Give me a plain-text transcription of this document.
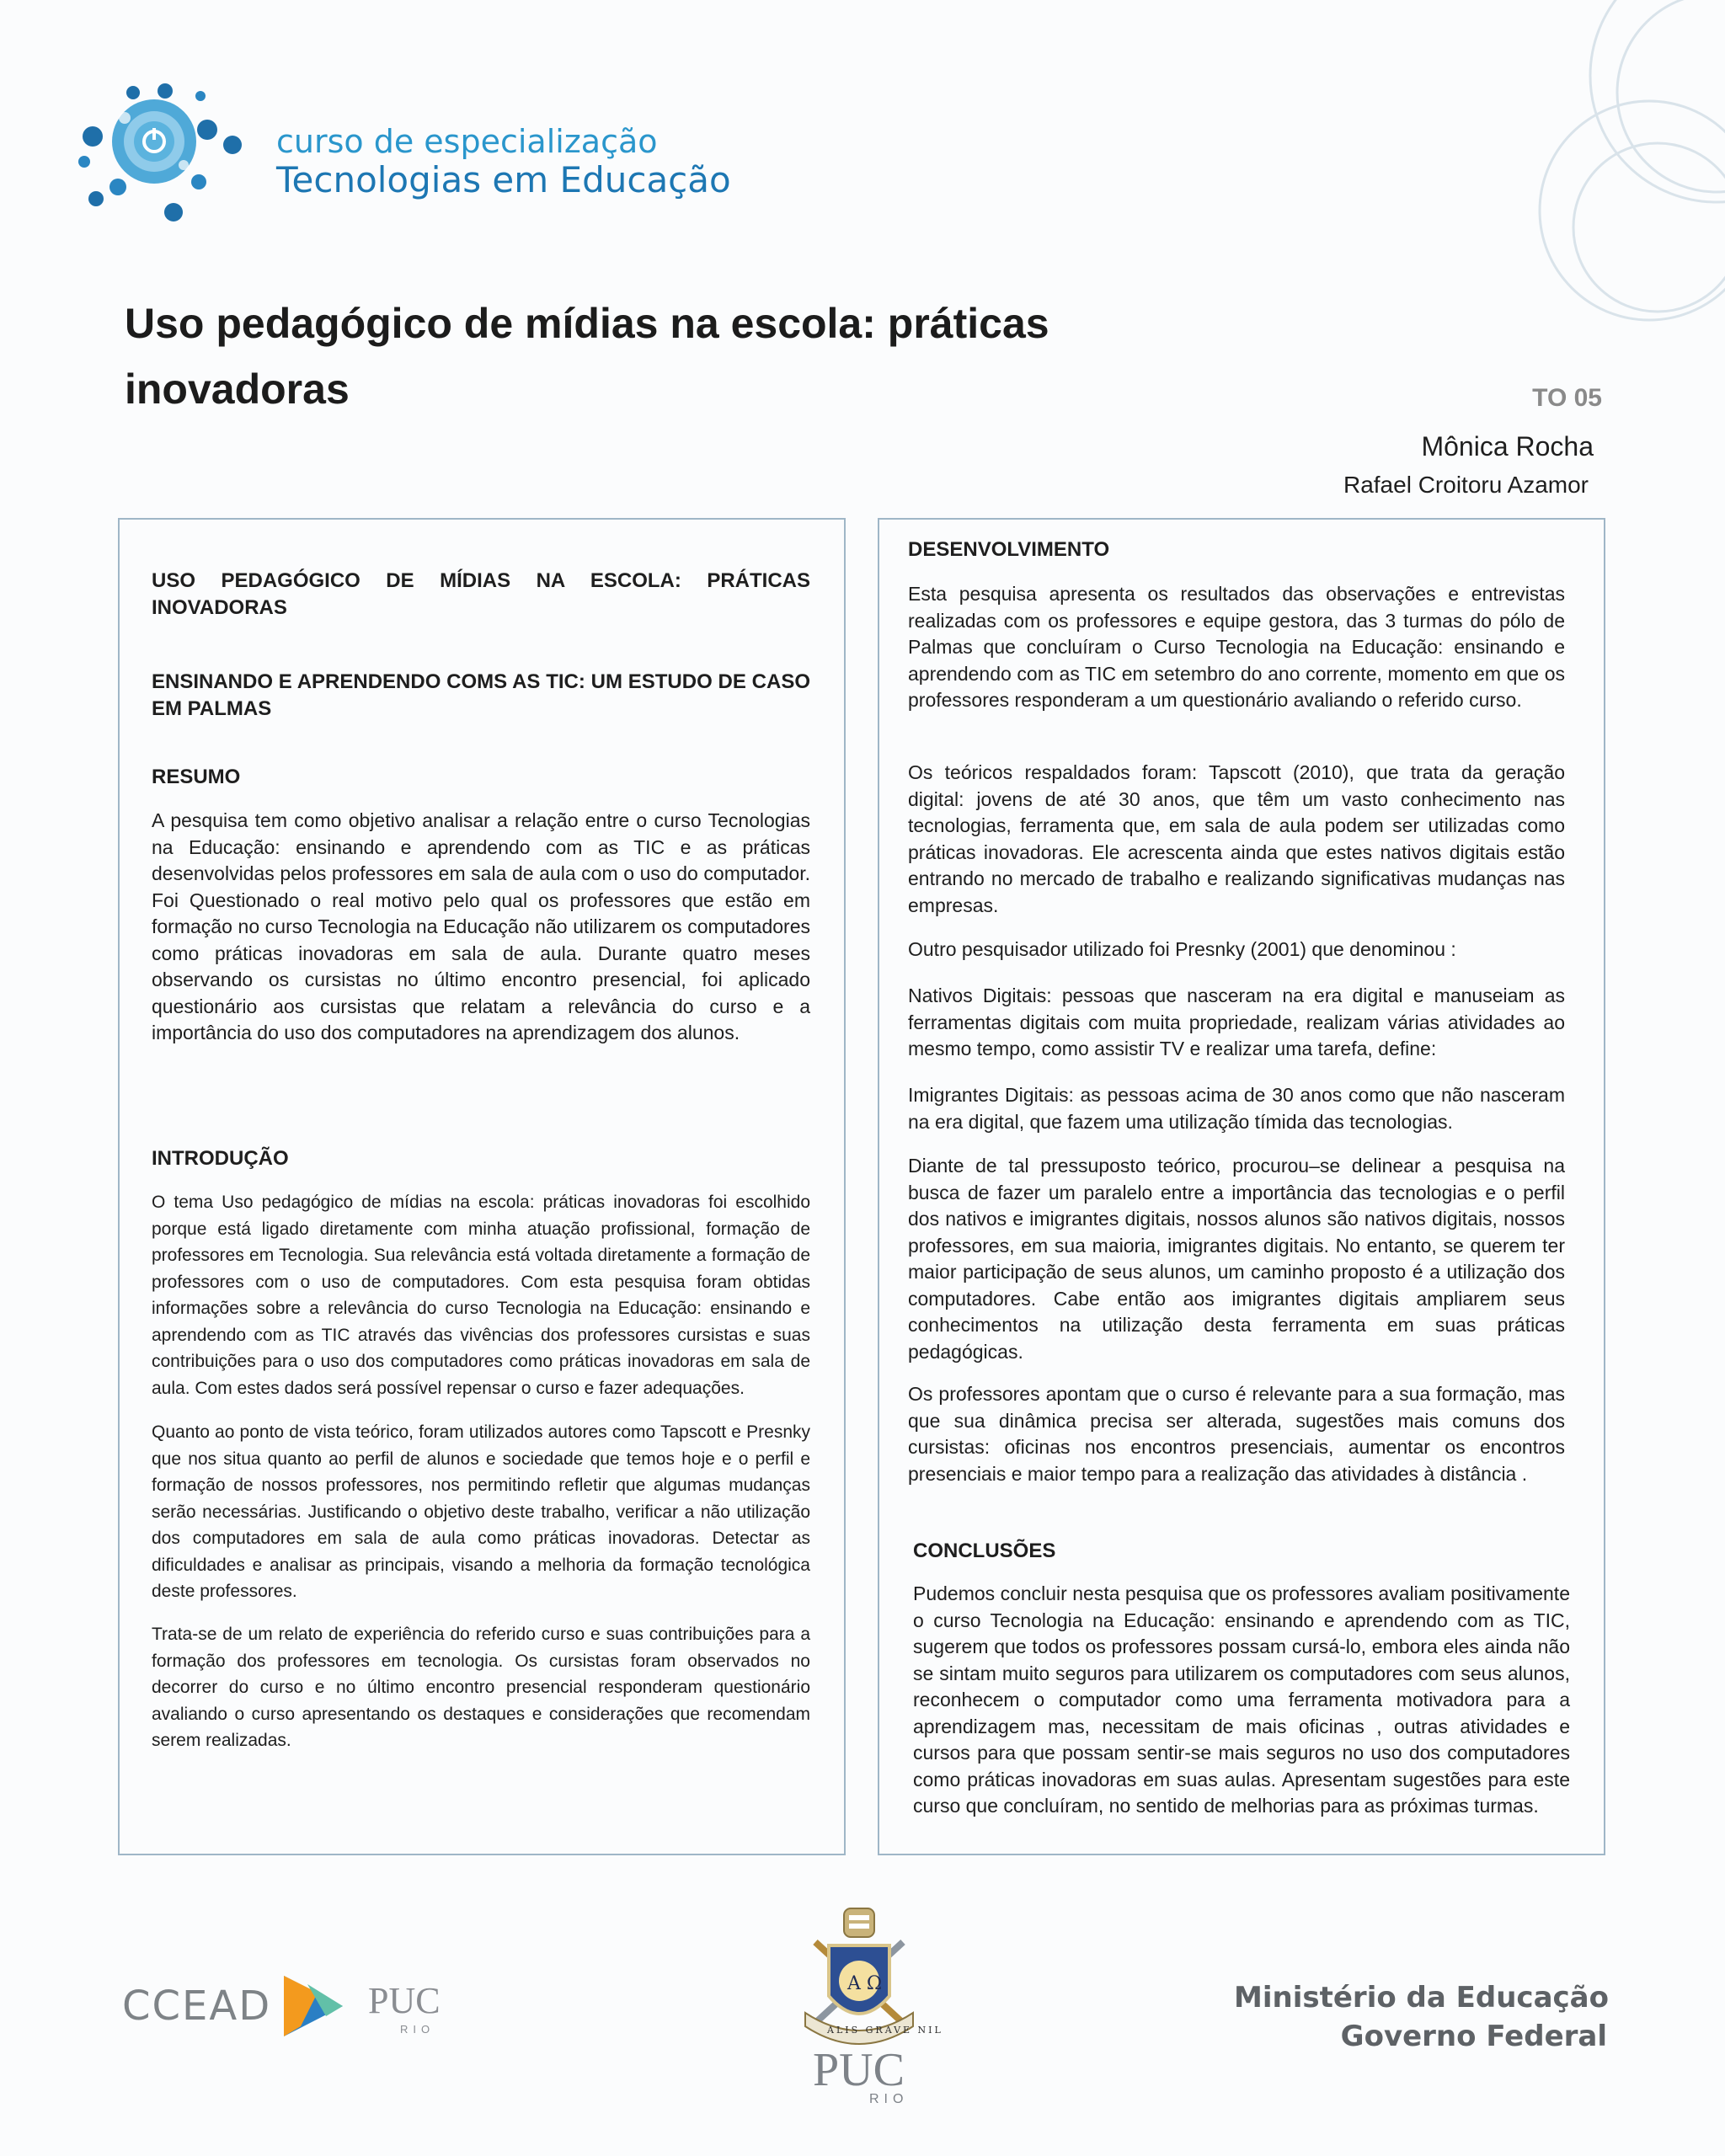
curso de especialização
Tecnologias em Educação
Uso pedagógico de mídias na escola: práticas inovadoras	TO 05
Mônica Rocha
Rafael Croitoru Azamor
USO PEDAGÓGICO DE MÍDIAS NA ESCOLA: PRÁTICAS INOVADORAS
ENSINANDO E APRENDENDO COMS AS TIC: UM ESTUDO DE CASO EM PALMAS
RESUMO

A pesquisa tem como objetivo analisar a relação entre o curso Tecnologias na Educação: ensinando e aprendendo com as TIC e as práticas desenvolvidas pelos professores em sala de aula com o uso do computador. Foi Questionado o real motivo pelo qual os professores que estão em formação no curso Tecnologia na Educação não utilizarem os computadores como práticas inovadoras em sala de aula. Durante quatro meses observando os cursistas no último encontro presencial, foi aplicado questionário aos cursistas que relatam a relevância do curso e a importância do uso dos computadores na aprendizagem dos alunos.

INTRODUÇÃO

O tema Uso pedagógico de mídias na escola: práticas inovadoras foi escolhido porque está ligado diretamente com minha atuação profissional, formação de professores em Tecnologia. Sua relevância está voltada diretamente a formação de professores com o uso de computadores. Com esta pesquisa foram obtidas informações sobre a relevância do curso Tecnologia na Educação: ensinando e aprendendo com as TIC através das vivências dos professores cursistas e suas contribuições para o uso dos computadores como práticas inovadoras em sala de aula. Com estes dados será possível repensar o curso e fazer adequações.

Quanto ao ponto de vista teórico, foram utilizados autores como Tapscott e Presnky que nos situa quanto ao perfil de alunos e sociedade que temos hoje e o perfil e formação de nossos professores, nos permitindo refletir que algumas mudanças serão necessárias. Justificando o objetivo deste trabalho, verificar a não utilização dos computadores em sala de aula como práticas inovadoras. Detectar as dificuldades e analisar as principais, visando a melhoria da formação tecnológica deste professores.

Trata-se de um relato de experiência do referido curso e suas contribuições para a formação dos professores em tecnologia. Os cursistas foram observados no decorrer do curso e no último encontro presencial responderam questionário avaliando o curso apresentando os destaques e considerações que recomendam serem realizadas.

DESENVOLVIMENTO

Esta pesquisa apresenta os resultados das observações e entrevistas realizadas com os professores e equipe gestora, das 3 turmas do pólo de Palmas que concluíram o Curso Tecnologia na Educação: ensinando e aprendendo com as TIC em setembro do ano corrente, momento em que os professores responderam a um questionário avaliando o referido curso.

Os teóricos respaldados foram: Tapscott (2010), que trata da geração digital: jovens de até 30 anos, que têm um vasto conhecimento nas tecnologias, ferramenta que, em sala de aula podem ser utilizadas como práticas inovadoras. Ele acrescenta ainda que estes nativos digitais estão entrando no mercado de trabalho e realizando significativas mudanças nas empresas.

Outro pesquisador utilizado foi Presnky (2001) que denominou :

Nativos Digitais: pessoas que nasceram na era digital e manuseiam as ferramentas digitais com muita propriedade, realizam várias atividades ao mesmo tempo, como assistir TV e realizar uma tarefa, define:

Imigrantes Digitais: as pessoas acima de 30 anos como que não nasceram na era digital, que fazem uma utilização tímida das tecnologias.

Diante de tal pressuposto teórico, procurou–se delinear a pesquisa na busca de fazer um paralelo entre a importância das tecnologias e o perfil dos nativos e imigrantes digitais, nossos alunos são nativos digitais, nossos professores, em sua maioria, imigrantes digitais. No entanto, se querem ter maior participação de seus alunos, um caminho proposto é a utilização dos computadores. Cabe então aos imigrantes digitais ampliarem seus conhecimentos na utilização desta ferramenta em suas práticas pedagógicas.

Os professores apontam que o curso é relevante para a sua formação, mas que sua dinâmica precisa ser alterada, sugestões mais comuns dos cursistas: oficinas nos encontros presenciais, aumentar os encontros presenciais e maior tempo para a realização das atividades à distância .

CONCLUSÕES

Pudemos concluir nesta pesquisa que os professores avaliam positivamente o curso Tecnologia na Educação: ensinando e aprendendo com as TIC, sugerem que todos os professores possam cursá-lo, embora eles ainda não se sintam muito seguros para utilizarem os computadores com seus alunos, reconhecem o computador como uma ferramenta motivadora para a aprendizagem mas, necessitam de mais oficinas , outras atividades e cursos para que possam sentir-se mais seguros no uso dos computadores como práticas inovadoras em suas aulas. Apresentam sugestões para este curso que concluíram, no sentido de melhorias para as próximas turmas.

CCEAD	PUC
RIO
A Ω
ALIS GRAVE NIL
PUC
RIO
Ministério da Educação
Governo Federal
